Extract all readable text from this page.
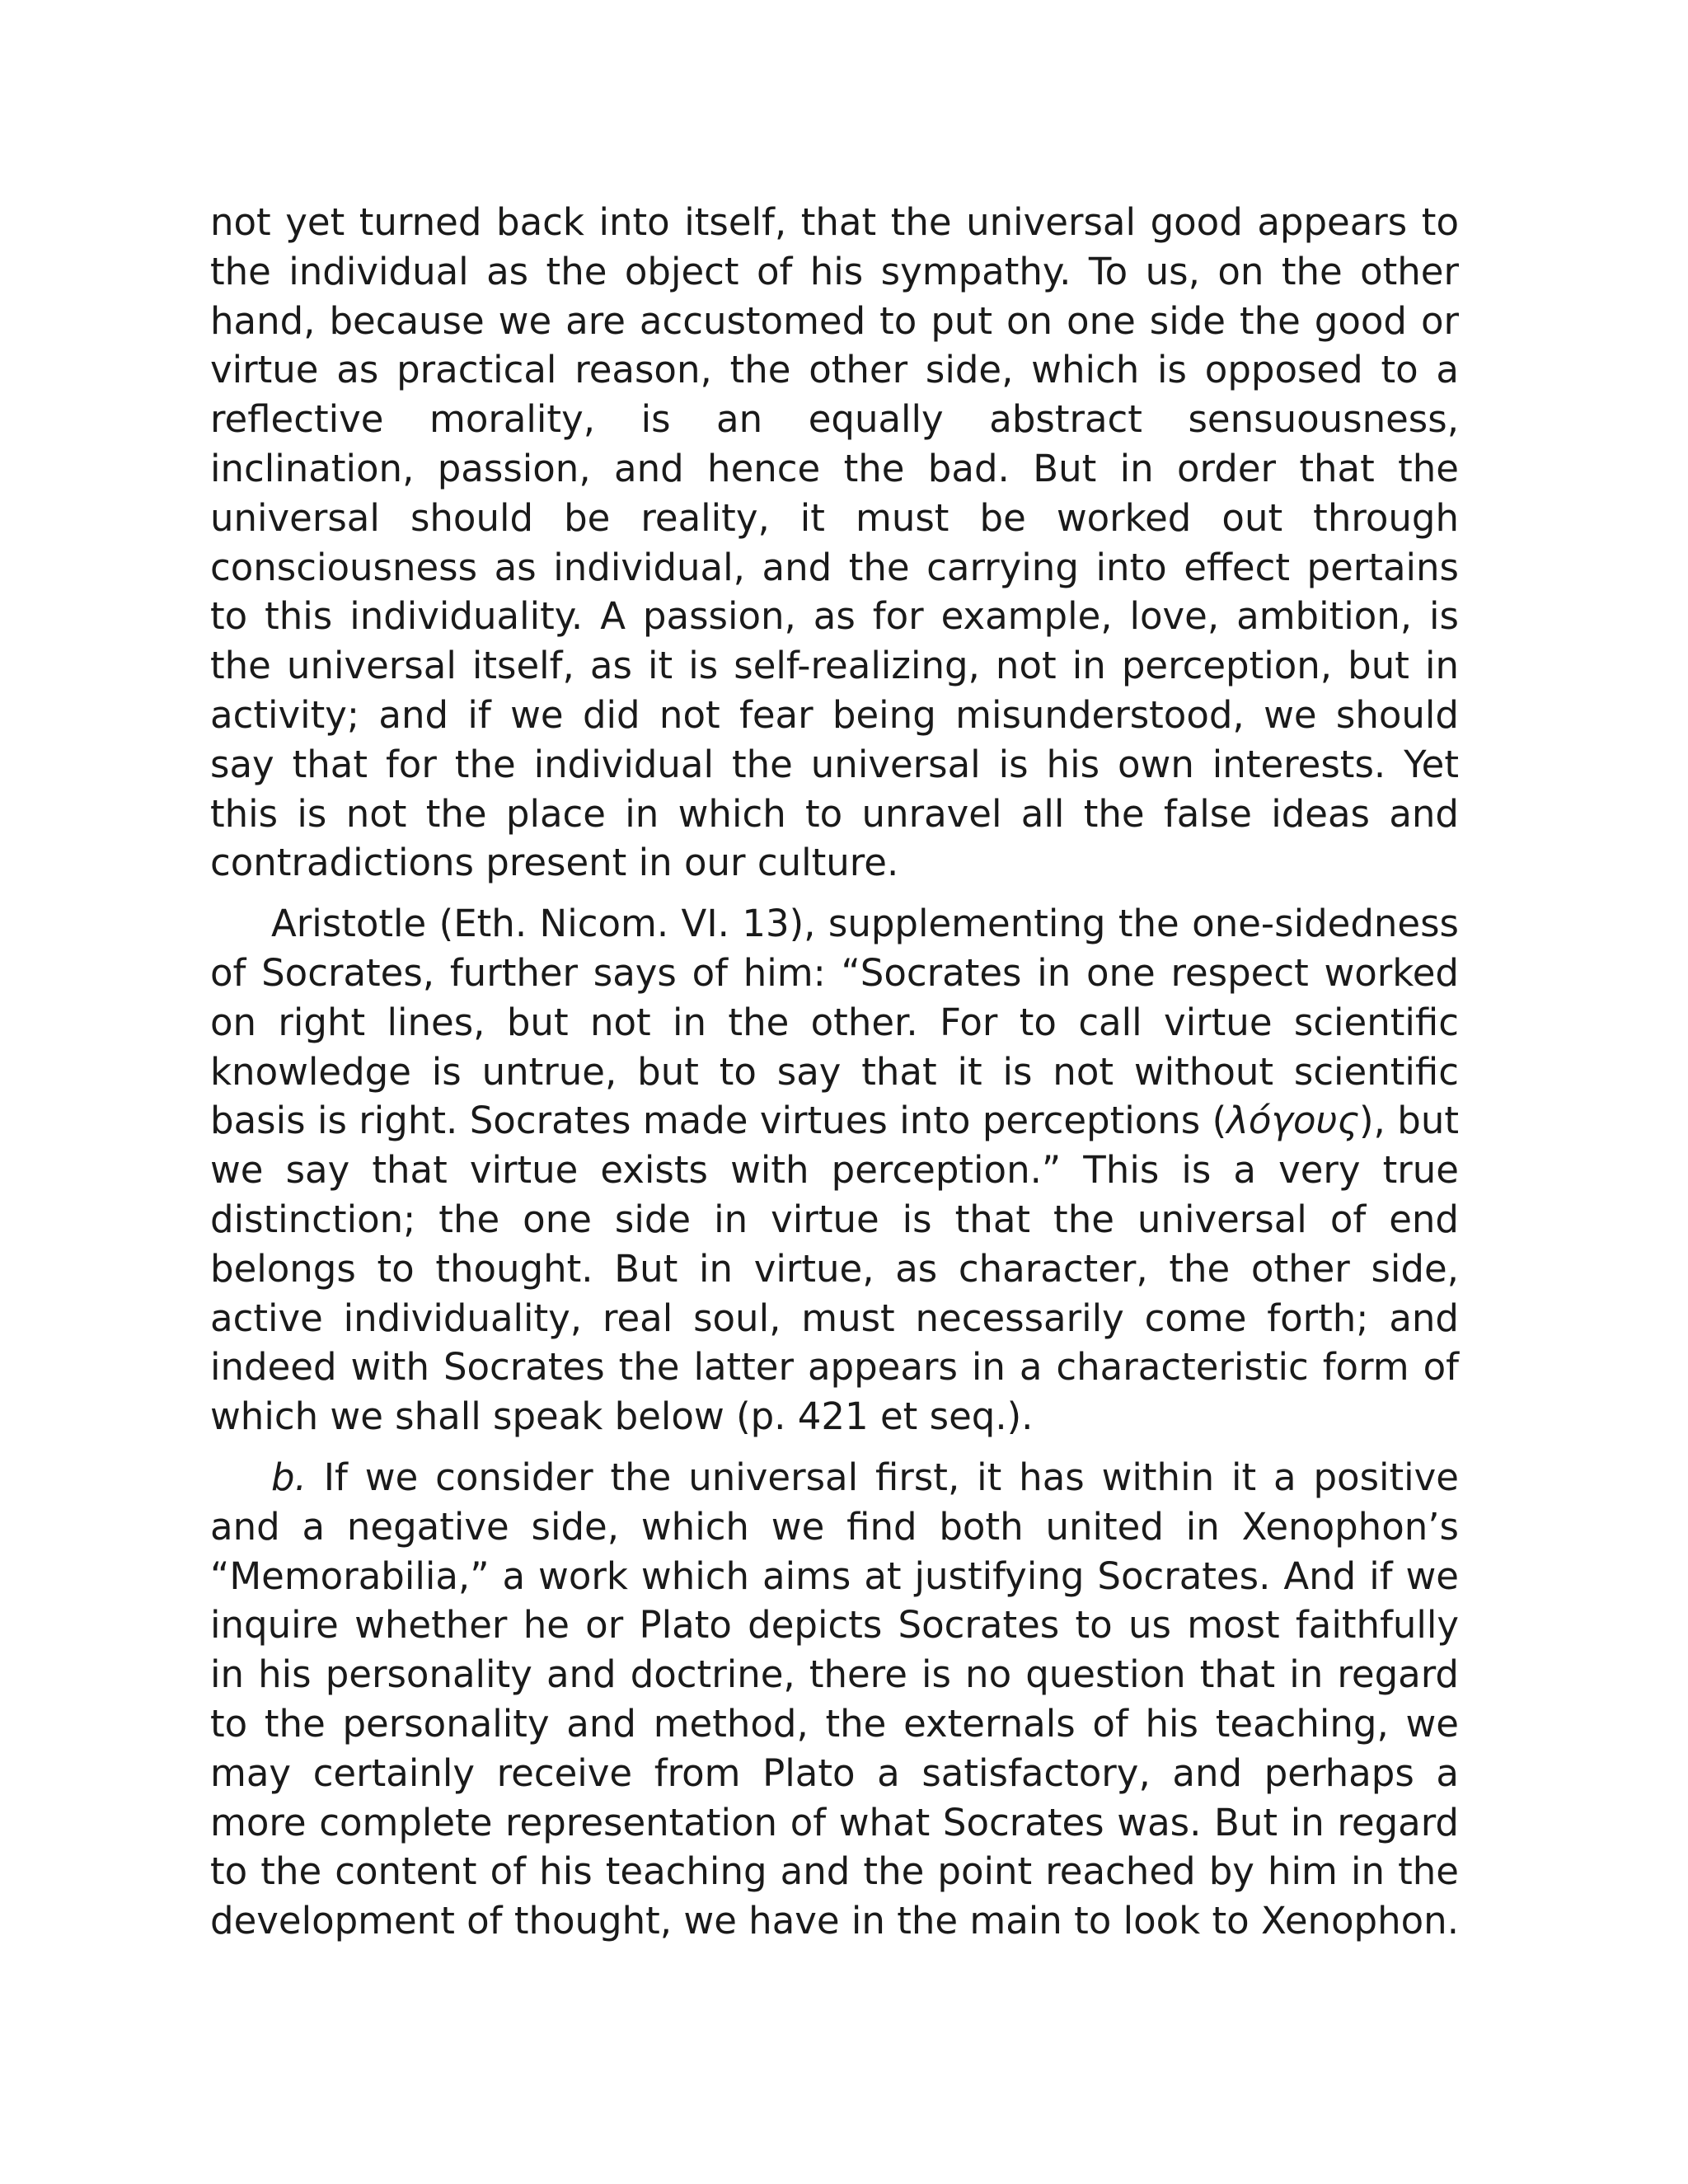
not yet turned back into itself, that the universal good appears to the individual as the object of his sympathy. To us, on the other hand, because we are accustomed to put on one side the good or virtue as practical reason, the other side, which is opposed to a reflective morality, is an equally abstract sensuousness, inclination, passion, and hence the bad. But in order that the universal should be reality, it must be worked out through consciousness as individual, and the carrying into effect pertains to this individuality. A passion, as for example, love, ambition, is the universal itself, as it is self-realizing, not in perception, but in activity; and if we did not fear being misunderstood, we should say that for the individual the universal is his own interests. Yet this is not the place in which to unravel all the false ideas and contradictions present in our culture.

Aristotle (Eth. Nicom. VI. 13), supplementing the one-sidedness of Socrates, further says of him: “Socrates in one respect worked on right lines, but not in the other. For to call virtue scientific knowledge is untrue, but to say that it is not without scientific basis is right. Socrates made virtues into perceptions (λόγους), but we say that virtue exists with perception.” This is a very true distinction; the one side in virtue is that the universal of end belongs to thought. But in virtue, as character, the other side, active individuality, real soul, must necessarily come forth; and indeed with Socrates the latter appears in a characteristic form of which we shall speak below (p. 421 et seq.).

b. If we consider the universal first, it has within it a positive and a negative side, which we find both united in Xenophon’s “Memorabilia,” a work which aims at justifying Socrates. And if we inquire whether he or Plato depicts Socrates to us most faithfully in his personality and doctrine, there is no question that in regard to the personality and method, the externals of his teaching, we may certainly receive from Plato a satisfactory, and perhaps a more complete representation of what Socrates was. But in regard to the content of his teaching and the point reached by him in the development of thought, we have in the main to look to Xenophon.
